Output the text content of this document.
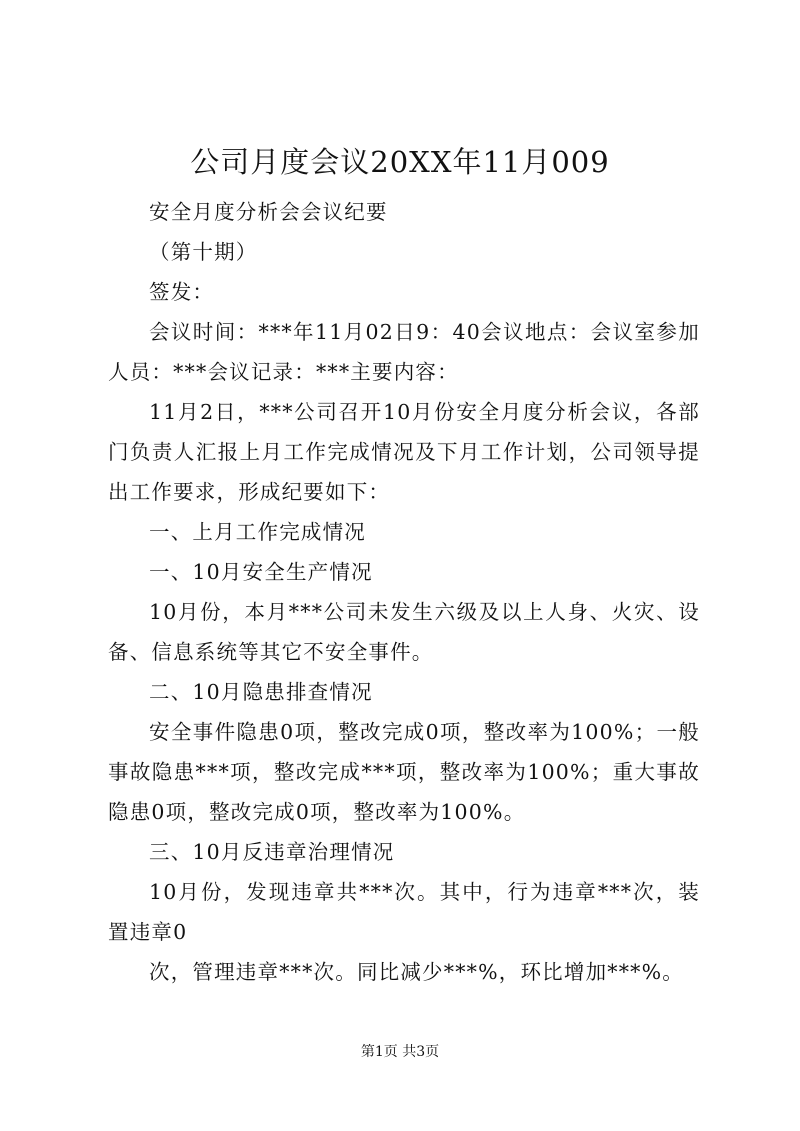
公司月度会议20XX年11月009

安全月度分析会会议纪要

（第十期）

签发：

会议时间：***年11月02日9：40会议地点：会议室参加人员：***会议记录：***主要内容：

11月2日，***公司召开10月份安全月度分析会议，各部门负责人汇报上月工作完成情况及下月工作计划，公司领导提出工作要求，形成纪要如下：

一、上月工作完成情况

一、10月安全生产情况

10月份，本月***公司未发生六级及以上人身、火灾、设备、信息系统等其它不安全事件。

二、10月隐患排查情况

安全事件隐患0项，整改完成0项，整改率为100%；一般事故隐患***项，整改完成***项，整改率为100%；重大事故隐患0项，整改完成0项，整改率为100%。

三、10月反违章治理情况

10月份，发现违章共***次。其中，行为违章***次，装置违章0

次，管理违章***次。同比减少***%，环比增加***%。

第1页 共3页
